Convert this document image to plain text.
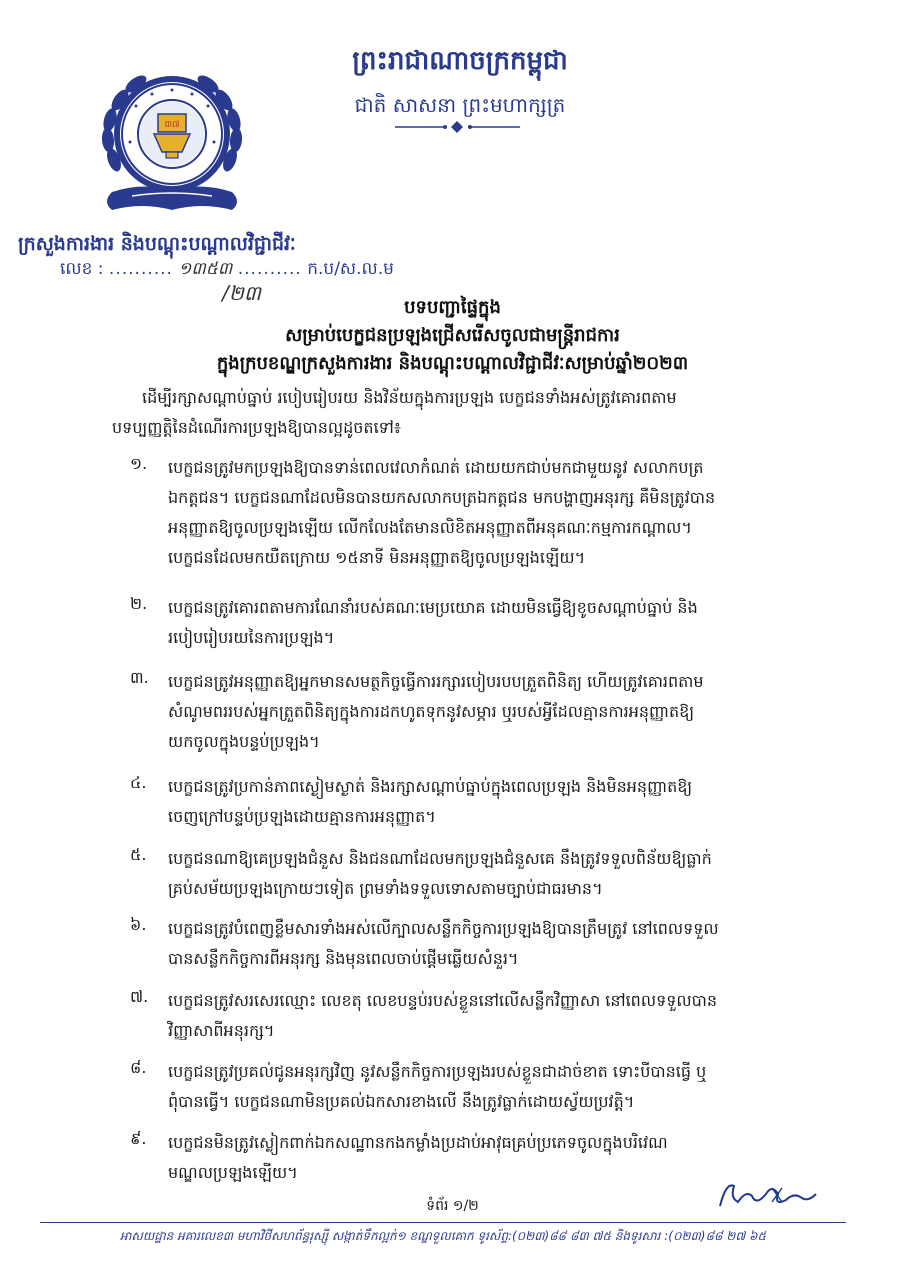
៣៧
ព្រះរាជាណាចក្រកម្ពុជា
ជាតិ សាសនា ព្រះមហាក្សត្រ
ក្រសួងការងារ និងបណ្តុះបណ្តាលវិជ្ជាជីវៈ
លេខ : .......... ១៣៥៣ .......... ក.ប/ស.ល.ម
/២៣
បទបញ្ជាផ្ទៃក្នុង
សម្រាប់បេក្ខជនប្រឡងជ្រើសរើសចូលជាមន្ត្រីរាជការ
ក្នុងក្របខណ្ឌក្រសួងការងារ និងបណ្តុះបណ្តាលវិជ្ជាជីវៈសម្រាប់ឆ្នាំ២០២៣
ដើម្បីរក្សាសណ្តាប់ធ្នាប់ របៀបរៀបរយ និងវិន័យក្នុងការប្រឡង បេក្ខជនទាំងអស់ត្រូវគោរពតាម
បទប្បញ្ញត្តិនៃដំណើរការប្រឡងឱ្យបានល្អដូចតទៅ៖
១.	បេក្ខជនត្រូវមកប្រឡងឱ្យបានទាន់ពេលវេលាកំណត់ ដោយយកជាប់មកជាមួយនូវ សលាកបត្រ
ឯកត្តជន។ បេក្ខជនណាដែលមិនបានយកសលាកបត្រឯកត្តជន មកបង្ហាញអនុរក្ស គឺមិនត្រូវបាន
អនុញ្ញាតឱ្យចូលប្រឡងឡើយ លើកលែងតែមានលិខិតអនុញ្ញាតពីអនុគណៈកម្មការកណ្តាល។
បេក្ខជនដែលមកយឺតក្រោយ ១៥នាទី មិនអនុញ្ញាតឱ្យចូលប្រឡងឡើយ។
២.	បេក្ខជនត្រូវគោរពតាមការណែនាំរបស់គណៈមេប្រយោគ ដោយមិនធ្វើឱ្យខូចសណ្តាប់ធ្នាប់ និង
របៀបរៀបរយនៃការប្រឡង។
៣.	បេក្ខជនត្រូវអនុញ្ញាតឱ្យអ្នកមានសមត្ថកិច្ចធ្វើការរក្សារបៀបរបបត្រួតពិនិត្យ ហើយត្រូវគោរពតាម
សំណូមពររបស់អ្នកត្រួតពិនិត្យក្នុងការដកហូតទុកនូវសម្ភារ ឬរបស់អ្វីដែលគ្មានការអនុញ្ញាតឱ្យ
យកចូលក្នុងបន្ទប់ប្រឡង។
៤.	បេក្ខជនត្រូវប្រកាន់ភាពស្ងៀមស្ងាត់ និងរក្សាសណ្តាប់ធ្នាប់ក្នុងពេលប្រឡង និងមិនអនុញ្ញាតឱ្យ
ចេញក្រៅបន្ទប់ប្រឡងដោយគ្មានការអនុញ្ញាត។
៥.	បេក្ខជនណាឱ្យគេប្រឡងជំនួស និងជនណាដែលមកប្រឡងជំនួសគេ នឹងត្រូវទទួលពិន័យឱ្យធ្លាក់
គ្រប់សម័យប្រឡងក្រោយៗទៀត ព្រមទាំងទទួលទោសតាមច្បាប់ជាធរមាន។
៦.	បេក្ខជនត្រូវបំពេញខ្លឹមសារទាំងអស់លើក្បាលសន្លឹកកិច្ចការប្រឡងឱ្យបានត្រឹមត្រូវ នៅពេលទទួល
បានសន្លឹកកិច្ចការពីអនុរក្ស និងមុនពេលចាប់ផ្តើមឆ្លើយសំនួរ។
៧.	បេក្ខជនត្រូវសរសេរឈ្មោះ លេខតុ លេខបន្ទប់របស់ខ្លួននៅលើសន្លឹកវិញ្ញាសា នៅពេលទទួលបាន
វិញ្ញាសាពីអនុរក្ស។
៨.	បេក្ខជនត្រូវប្រគល់ជូនអនុរក្សវិញ នូវសន្លឹកកិច្ចការប្រឡងរបស់ខ្លួនជាដាច់ខាត ទោះបីបានធ្វើ ឬ
ពុំបានធ្វើ។ បេក្ខជនណាមិនប្រគល់ឯកសារខាងលើ នឹងត្រូវធ្លាក់ដោយស្វ័យប្រវត្តិ។
៩.	បេក្ខជនមិនត្រូវស្លៀកពាក់ឯកសណ្ឋានកងកម្លាំងប្រដាប់អាវុធគ្រប់ប្រភេទចូលក្នុងបរិវេណ
មណ្ឌលប្រឡងឡើយ។
ទំព័រ ១/២
អាសយដ្ឋាន អគារលេខ៣ មហាវិថីសហព័ន្ធរុស្ស៊ី សង្កាត់ទឹកល្អក់១ ខណ្ឌទួលគោក ទូរស័ព្ទ:(០២៣)៨៨ ៨៣ ៧៥ និងទូរសារ :(០២៣)៨៨ ២៧ ៦៥
